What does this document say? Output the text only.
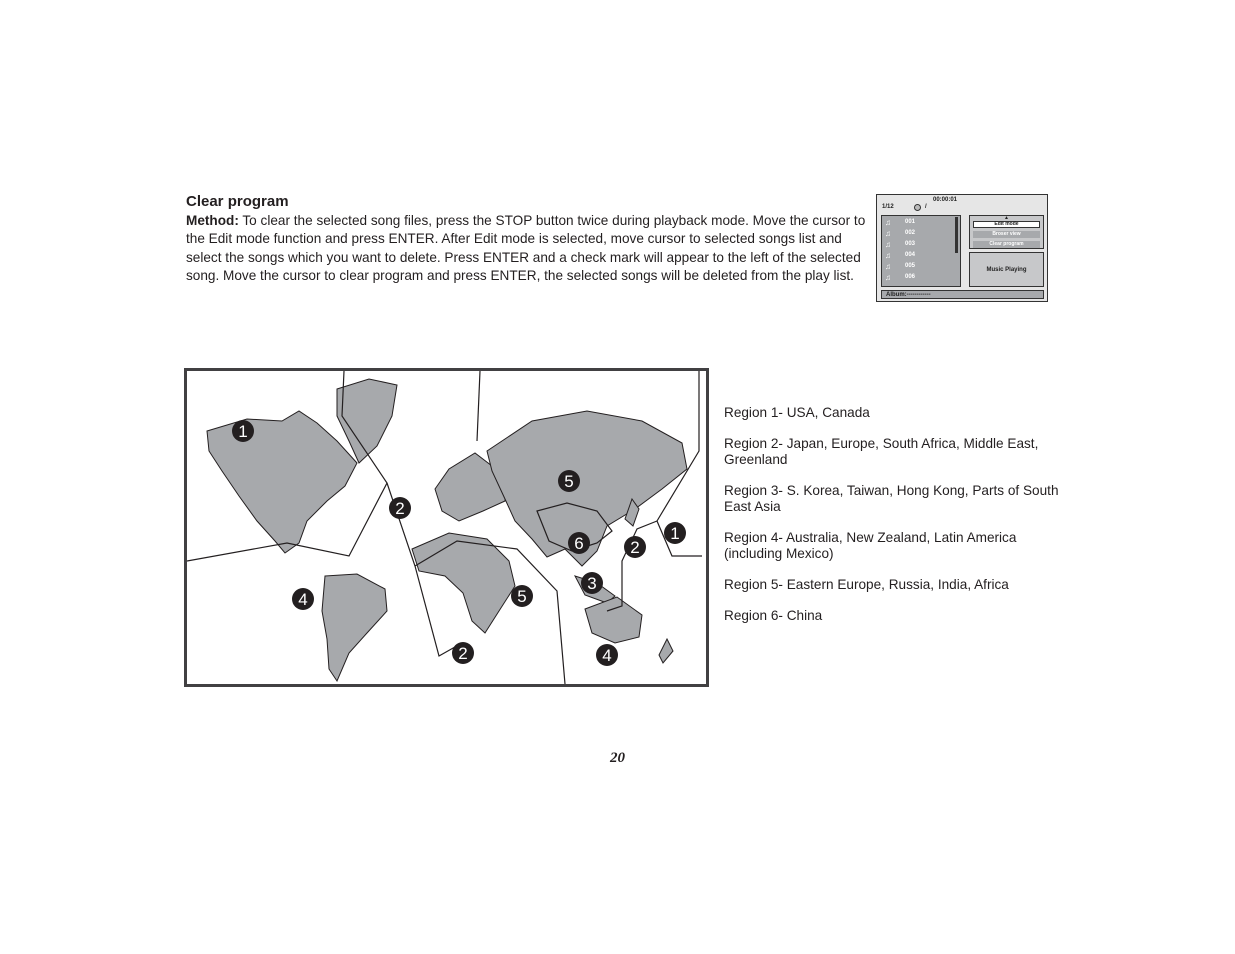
Clear program
Method: To clear the selected song files, press the STOP button twice during playback mode. Move the cursor to the Edit mode function and press ENTER. After Edit mode is selected, move cursor to selected songs list and select the songs which you want to delete. Press ENTER and a check mark will appear to the left of the selected song. Move the cursor to clear program and press ENTER, the selected songs will be deleted from the play list.
00:00:01
1/12	/
♫	001
♫	002
♫	003
♫	004
♫	005
♫	006
▲
Edit mode
Broser view
Clear program
Music Playing
Album:------------
1
2
5
6	2
1
3
4	5
2	4
Region 1- USA, Canada
Region 2- Japan, Europe, South Africa, Middle East, Greenland
Region 3- S. Korea, Taiwan, Hong Kong, Parts of South East Asia
Region 4- Australia, New Zealand, Latin America (including Mexico)
Region 5- Eastern Europe, Russia, India, Africa
Region 6- China
20
